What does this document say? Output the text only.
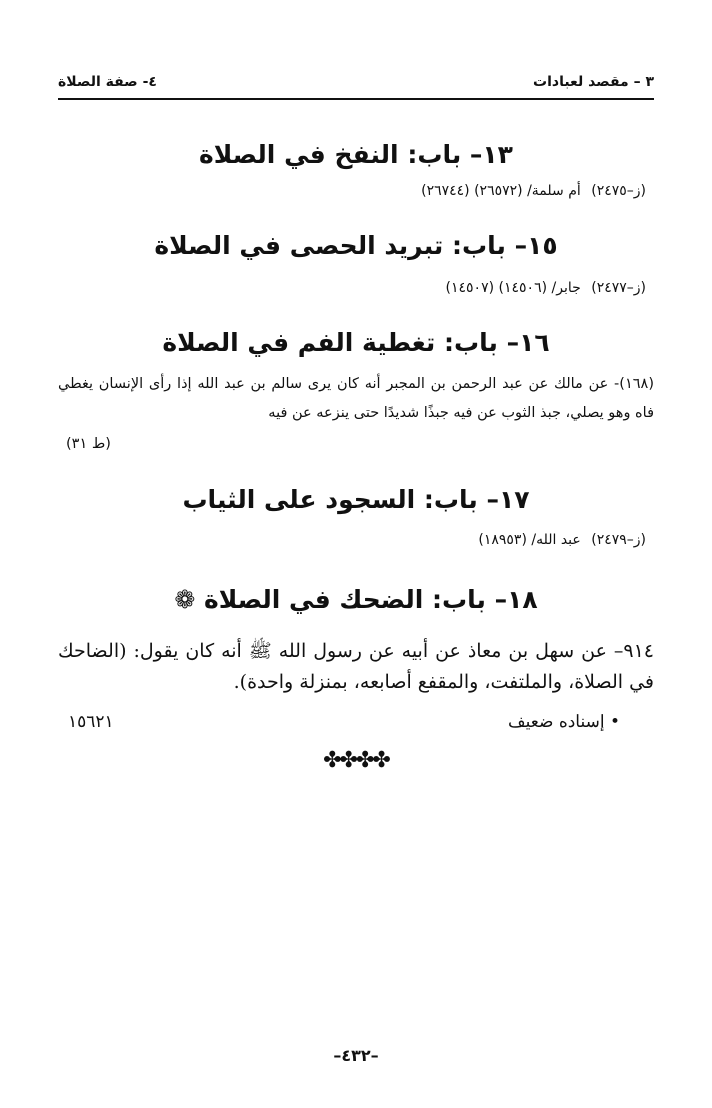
٣ – مقصد لعبادات
٤- صفة الصلاة
١٣– باب: النفخ في الصلاة
(ز–٢٤٧٥) أم سلمة/ (٢٦٥٧٢) (٢٦٧٤٤)
١٥– باب: تبريد الحصى في الصلاة
(ز–٢٤٧٧) جابر/ (١٤٥٠٦) (١٤٥٠٧)
١٦– باب: تغطية الفم في الصلاة
(١٦٨)- عن مالك عن عبد الرحمن بن المجبر أنه كان يرى سالم بن عبد الله إذا رأى الإنسان يغطي فاه وهو يصلي، جبذ الثوب عن فيه جبذًا شديدًا حتى ينزعه عن فيه
(ط ٣١)
١٧– باب: السجود على الثياب
(ز–٢٤٧٩) عبد الله/ (١٨٩٥٣)
١٨– باب: الضحك في الصلاة ❁
٩١٤– عن سهل بن معاذ عن أبيه عن رسول الله ﷺ أنه كان يقول: (الضاحك في الصلاة، والملتفت، والمقفع أصابعه، بمنزلة واحدة).
• إسناده ضعيف
١٥٦٢١
✤✤✤✤
–٤٣٢–
